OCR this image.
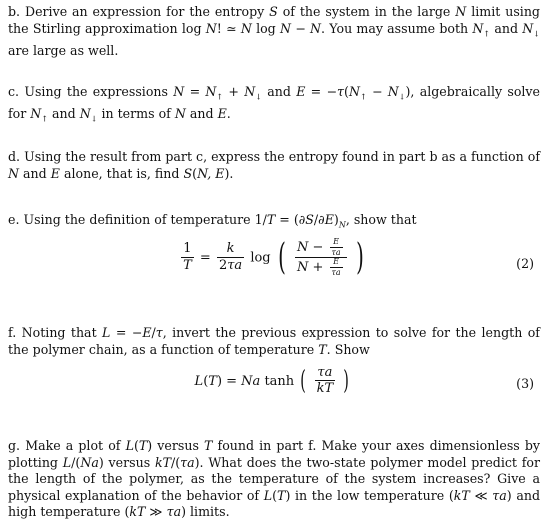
b. Derive an expression for the entropy S of the system in the large N limit using the Stirling approximation log N! ≃ N log N − N. You may assume both $N_↑$ and $N_↓$ are large as well.

c. Using the expressions $N = N_↑ + N_↓$ and $E = -\tau(N_↑ - N_↓)$, algebraically solve for $N_↑$ and $N_↓$ in terms of N and E.

d. Using the result from part c, express the entropy found in part b as a function of N and E alone, that is, find S(N, E).

e. Using the definition of temperature $1/T = (\partial S/\partial E)_N$, show that

$\frac{1}{T} = \frac{k}{2\tau a}$ log ( $\frac{N - \frac{E}{\tau a}}{N + \frac{E}{\tau a}}$ )	(2)

f. Noting that L = −E/τ, invert the previous expression to solve for the length of the polymer chain, as a function of temperature T. Show

L(T) = Na tanh ( $\frac{\tau a}{kT}$ )	(3)

g. Make a plot of L(T) versus T found in part f. Make your axes dimensionless by plotting L/(Na) versus kT/(τa). What does the two-state polymer model predict for the length of the polymer, as the temperature of the system increases? Give a physical explanation of the behavior of L(T) in the low temperature (kT ≪ τa) and high temperature (kT ≫ τa) limits.
